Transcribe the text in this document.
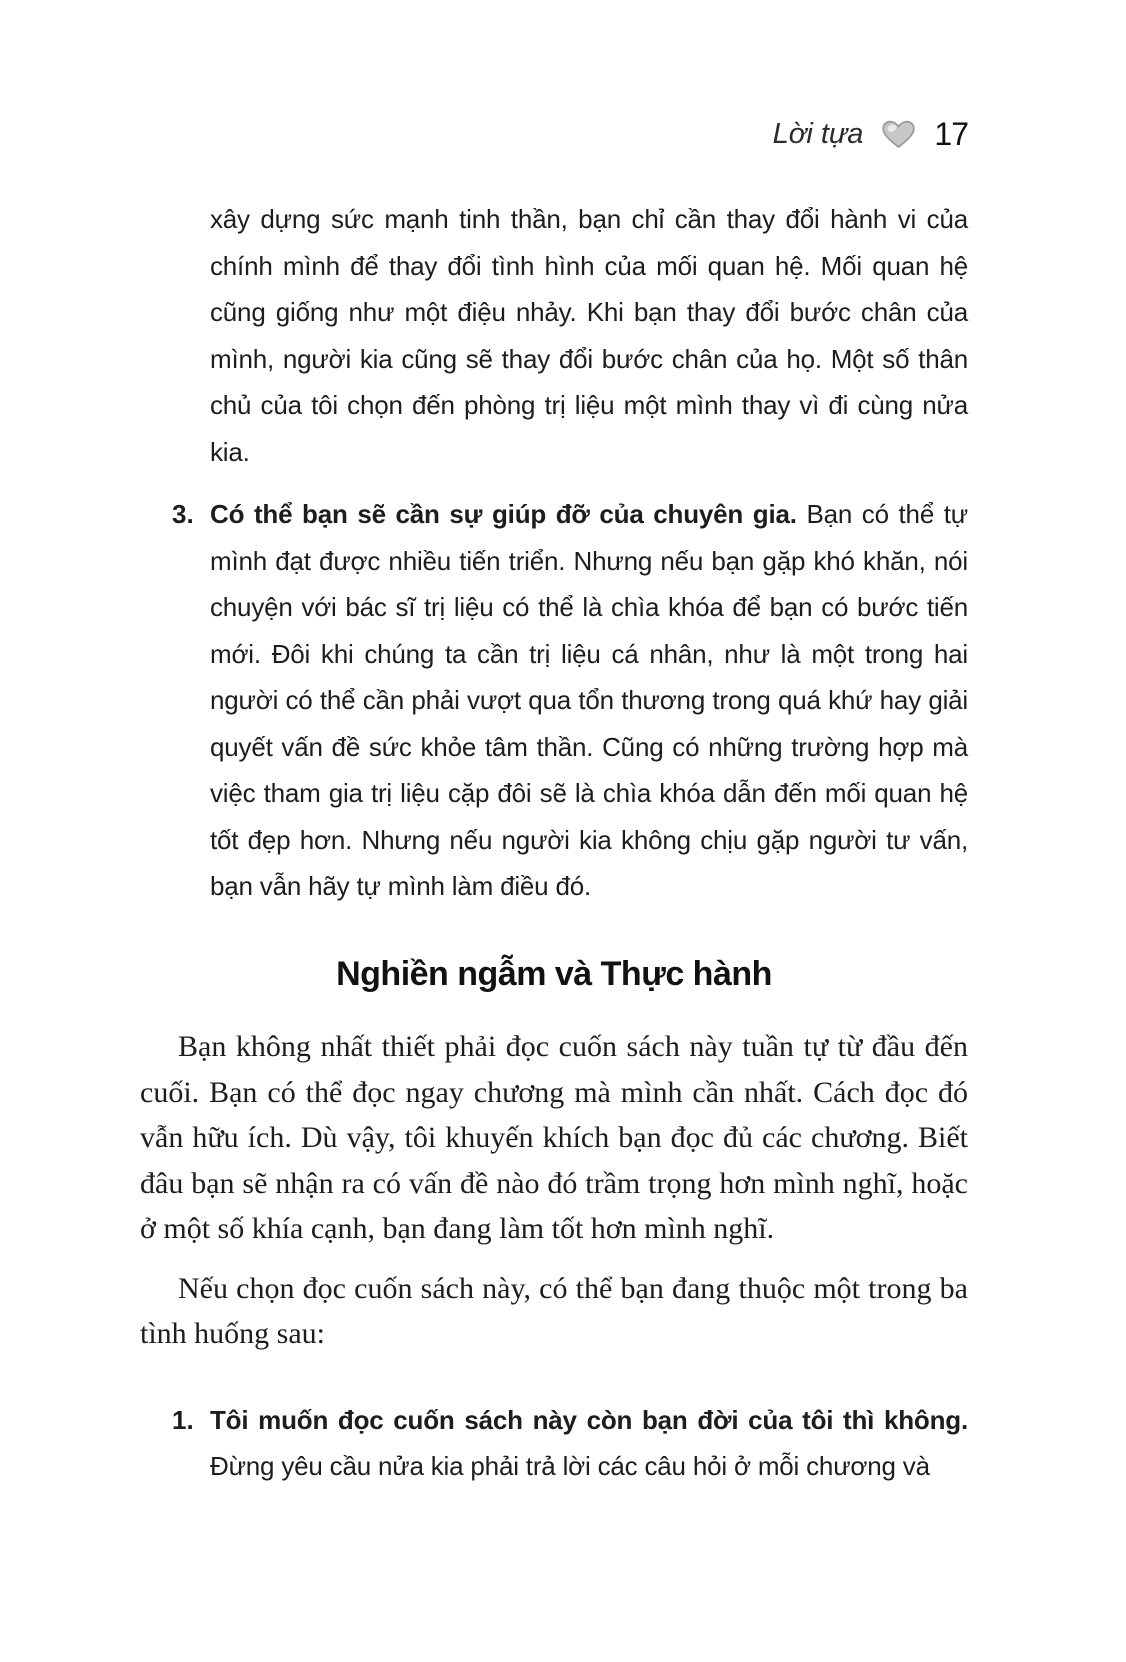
Lời tựa 17

xây dựng sức mạnh tinh thần, bạn chỉ cần thay đổi hành vi của chính mình để thay đổi tình hình của mối quan hệ. Mối quan hệ cũng giống như một điệu nhảy. Khi bạn thay đổi bước chân của mình, người kia cũng sẽ thay đổi bước chân của họ. Một số thân chủ của tôi chọn đến phòng trị liệu một mình thay vì đi cùng nửa kia.

3. Có thể bạn sẽ cần sự giúp đỡ của chuyên gia. Bạn có thể tự mình đạt được nhiều tiến triển. Nhưng nếu bạn gặp khó khăn, nói chuyện với bác sĩ trị liệu có thể là chìa khóa để bạn có bước tiến mới. Đôi khi chúng ta cần trị liệu cá nhân, như là một trong hai người có thể cần phải vượt qua tổn thương trong quá khứ hay giải quyết vấn đề sức khỏe tâm thần. Cũng có những trường hợp mà việc tham gia trị liệu cặp đôi sẽ là chìa khóa dẫn đến mối quan hệ tốt đẹp hơn. Nhưng nếu người kia không chịu gặp người tư vấn, bạn vẫn hãy tự mình làm điều đó.

Nghiền ngẫm và Thực hành

Bạn không nhất thiết phải đọc cuốn sách này tuần tự từ đầu đến cuối. Bạn có thể đọc ngay chương mà mình cần nhất. Cách đọc đó vẫn hữu ích. Dù vậy, tôi khuyến khích bạn đọc đủ các chương. Biết đâu bạn sẽ nhận ra có vấn đề nào đó trầm trọng hơn mình nghĩ, hoặc ở một số khía cạnh, bạn đang làm tốt hơn mình nghĩ.

Nếu chọn đọc cuốn sách này, có thể bạn đang thuộc một trong ba tình huống sau:

1. Tôi muốn đọc cuốn sách này còn bạn đời của tôi thì không. Đừng yêu cầu nửa kia phải trả lời các câu hỏi ở mỗi chương và
